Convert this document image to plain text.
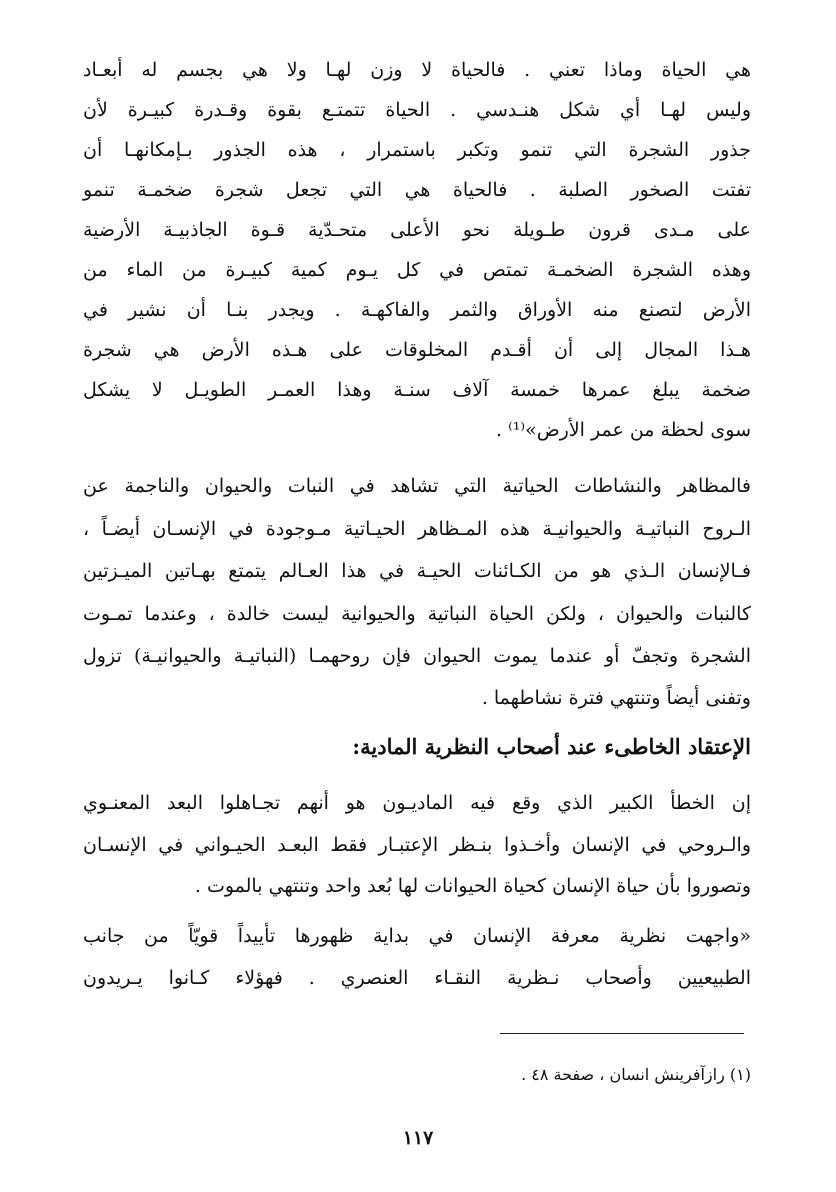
هي الحياة وماذا تعني . فالحياة لا وزن لهـا ولا هي بجسم له أبعـاد
وليس لهـا أي شكل هنـدسي . الحياة تتمتـع بقوة وقـدرة كبيـرة لأن
جذور الشجرة التي تنمو وتكبر باستمرار ، هذه الجذور بـإمكانهـا أن
تفتت الصخور الصلبة . فالحياة هي التي تجعل شجرة ضخمـة تنمو
على مـدى قرون طـويلة نحو الأعلى متحـدّية قـوة الجاذبيـة الأرضية
وهذه الشجرة الضخمـة تمتص في كل يـوم كمية كبيـرة من الماء من
الأرض لتصنع منه الأوراق والثمر والفاكهـة . ويجدر بنـا أن نشير في
هـذا المجال إلى أن أقـدم المخلوقات على هـذه الأرض هي شجرة
ضخمة يبلغ عمرها خمسة آلاف سنـة وهذا العمـر الطويـل لا يشكل
سوى لحظة من عمر الأرض»⁽¹⁾ .
فالمظاهر والنشاطات الحياتية التي تشاهد في النبات والحيوان والناجمة عن
الـروح النباتيـة والحيوانيـة هذه المـظاهر الحيـاتية مـوجودة في الإنسـان أيضـاً ،
فـالإنسان الـذي هو من الكـائنات الحيـة في هذا العـالم يتمتع بهـاتين الميـزتين
كالنبات والحيوان ، ولكن الحياة النباتية والحيوانية ليست خالدة ، وعندما تمـوت
الشجرة وتجفّ أو عندما يموت الحيوان فإن روحهمـا (النباتيـة والحيوانيـة) تزول
وتفنى أيضاً وتنتهي فترة نشاطهما .
الإعتقاد الخاطىء عند أصحاب النظرية المادية:
إن الخطأ الكبير الذي وقع فيه الماديـون هو أنهم تجـاهلوا البعد المعنـوي
والـروحي في الإنسان وأخـذوا بنـظر الإعتبـار فقط البعـد الحيـواني في الإنسـان
وتصوروا بأن حياة الإنسان كحياة الحيوانات لها بُعد واحد وتنتهي بالموت .
«واجهت نظرية معرفة الإنسان في بداية ظهورها تأييداً قويّاً من جانب
الطبيعيين وأصحاب نـظرية النقـاء العنصري . فهؤلاء كـانوا يـريدون
(١) رازآفرينش انسان ، صفحة ٤٨ .
١١٧
